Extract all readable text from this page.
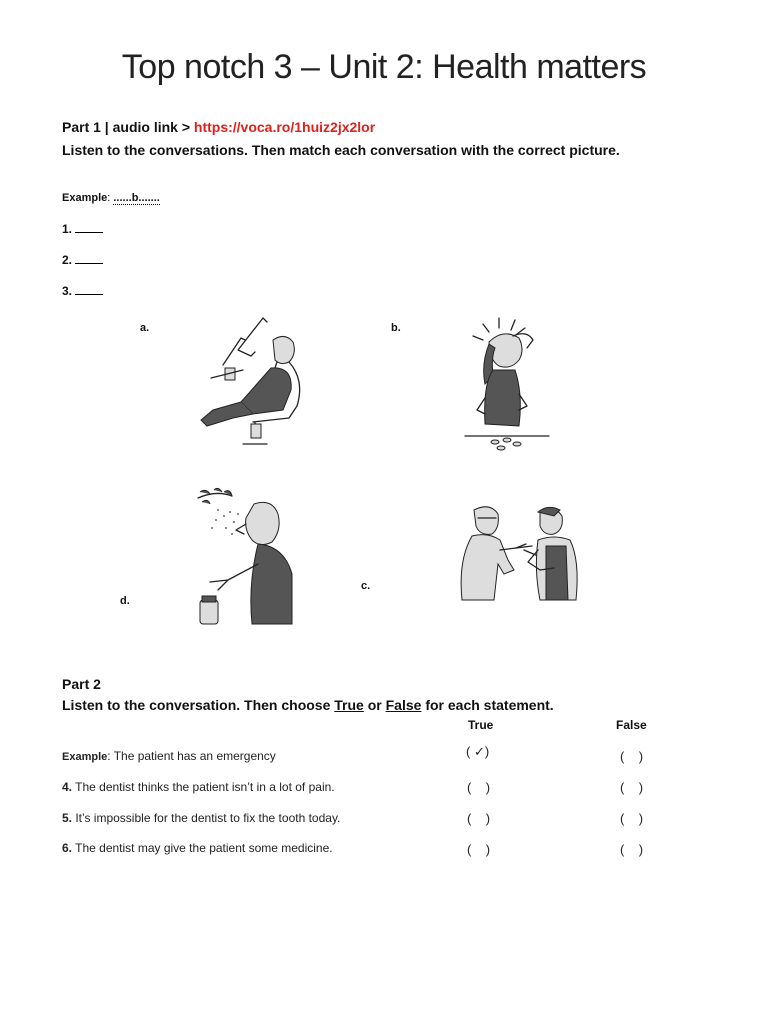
Top notch 3 – Unit 2: Health matters
Part 1 | audio link > https://voca.ro/1huiz2jx2lor
Listen to the conversations. Then match each conversation with the correct picture.
Example: ......b.......
1.
2.
3.
a.	b.
c.
d.
Part 2
Listen to the conversation. Then choose True or False for each statement.
True	False
Example: The patient has an emergency	( ✓)	(    )
4. The dentist thinks the patient isn’t in a lot of pain.	(    )	(    )
5. It’s impossible for the dentist to fix the tooth today.	(    )	(    )
6. The dentist may give the patient some medicine.	(    )	(    )
